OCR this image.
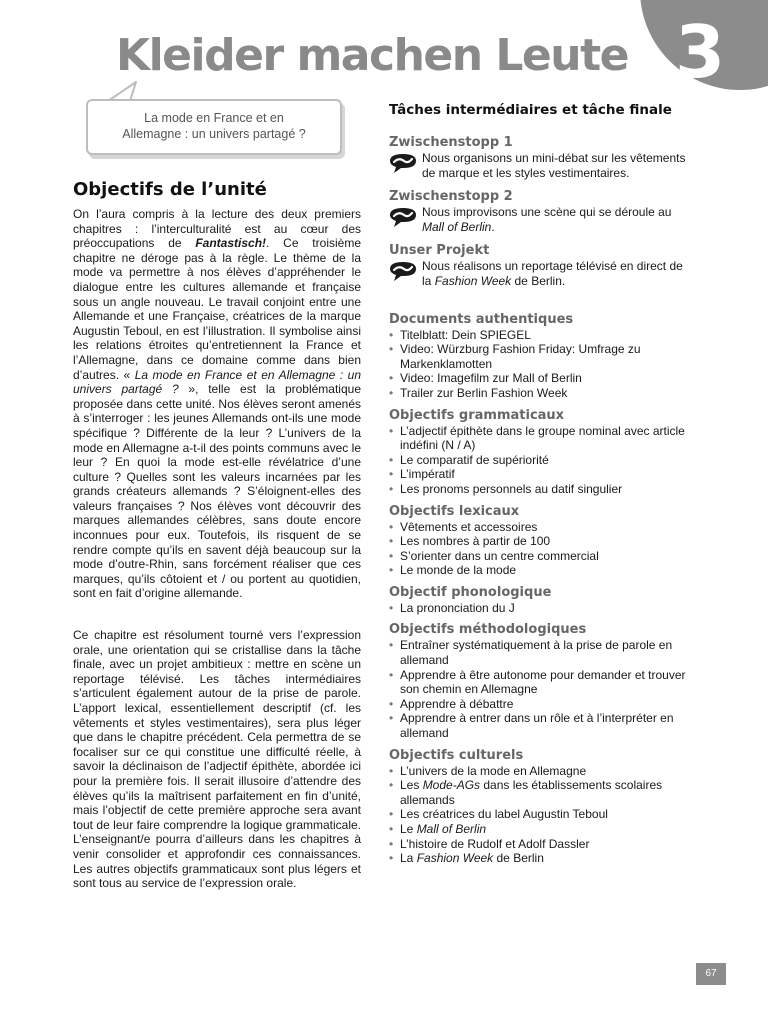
3
Kleider machen Leute
La mode en France et en
Allemagne : un univers partagé ?
Objectifs de l’unité

On l’aura compris à la lecture des deux premiers chapitres : l’interculturalité est au cœur des préoccupations de Fantastisch!. Ce troisième chapitre ne déroge pas à la règle. Le thème de la mode va permettre à nos élèves d’appréhender le dialogue entre les cultures allemande et française sous un angle nouveau. Le travail conjoint entre une Allemande et une Française, créatrices de la marque Augustin Teboul, en est l’illustration. Il symbolise ainsi les relations étroites qu’entretiennent la France et l’Allemagne, dans ce domaine comme dans bien d’autres. « La mode en France et en Allemagne : un univers partagé ? », telle est la problématique proposée dans cette unité. Nos élèves seront amenés à s’interroger : les jeunes Allemands ont-ils une mode spécifique ? Différente de la leur ? L’univers de la mode en Allemagne a-t-il des points communs avec le leur ? En quoi la mode est-elle révélatrice d’une culture ? Quelles sont les valeurs incarnées par les grands créateurs allemands ? S’éloignent-elles des valeurs françaises ? Nos élèves vont découvrir des marques allemandes célèbres, sans doute encore inconnues pour eux. Toutefois, ils risquent de se rendre compte qu’ils en savent déjà beaucoup sur la mode d’outre-Rhin, sans forcément réaliser que ces marques, qu’ils côtoient et / ou portent au quotidien, sont en fait d’origine allemande.

Ce chapitre est résolument tourné vers l’expression orale, une orientation qui se cristallise dans la tâche finale, avec un projet ambitieux : mettre en scène un reportage télévisé. Les tâches intermédiaires s’articulent également autour de la prise de parole. L’apport lexical, essentiellement descriptif (cf. les vêtements et styles vestimentaires), sera plus léger que dans le chapitre précédent. Cela permettra de se focaliser sur ce qui constitue une difficulté réelle, à savoir la déclinaison de l’adjectif épithète, abordée ici pour la première fois. Il serait illusoire d’attendre des élèves qu’ils la maîtrisent parfaitement en fin d’unité, mais l’objectif de cette première approche sera avant tout de leur faire comprendre la logique grammaticale. L’enseignant/e pourra d’ailleurs dans les chapitres à venir consolider et approfondir ces connaissances. Les autres objectifs grammaticaux sont plus légers et sont tous au service de l’expression orale.

Tâches intermédiaires et tâche finale
Zwischenstopp 1
Nous organisons un mini-débat sur les vêtements de marque et les styles vestimentaires.
Zwischenstopp 2
Nous improvisons une scène qui se déroule au Mall of Berlin.
Unser Projekt
Nous réalisons un reportage télévisé en direct de la Fashion Week de Berlin.
Documents authentiques
• Titelblatt: Dein SPIEGEL
• Video: Würzburg Fashion Friday: Umfrage zu Markenklamotten
• Video: Imagefilm zur Mall of Berlin
• Trailer zur Berlin Fashion Week
Objectifs grammaticaux
• L’adjectif épithète dans le groupe nominal avec article indéfini (N / A)
• Le comparatif de supériorité
• L’impératif
• Les pronoms personnels au datif singulier
Objectifs lexicaux
• Vêtements et accessoires
• Les nombres à partir de 100
• S’orienter dans un centre commercial
• Le monde de la mode
Objectif phonologique
• La prononciation du J
Objectifs méthodologiques
• Entraîner systématiquement à la prise de parole en allemand
• Apprendre à être autonome pour demander et trouver son chemin en Allemagne
• Apprendre à débattre
• Apprendre à entrer dans un rôle et à l’interpréter en allemand
Objectifs culturels
• L’univers de la mode en Allemagne
• Les Mode-AGs dans les établissements scolaires allemands
• Les créatrices du label Augustin Teboul
• Le Mall of Berlin
• L’histoire de Rudolf et Adolf Dassler
• La Fashion Week de Berlin
67
